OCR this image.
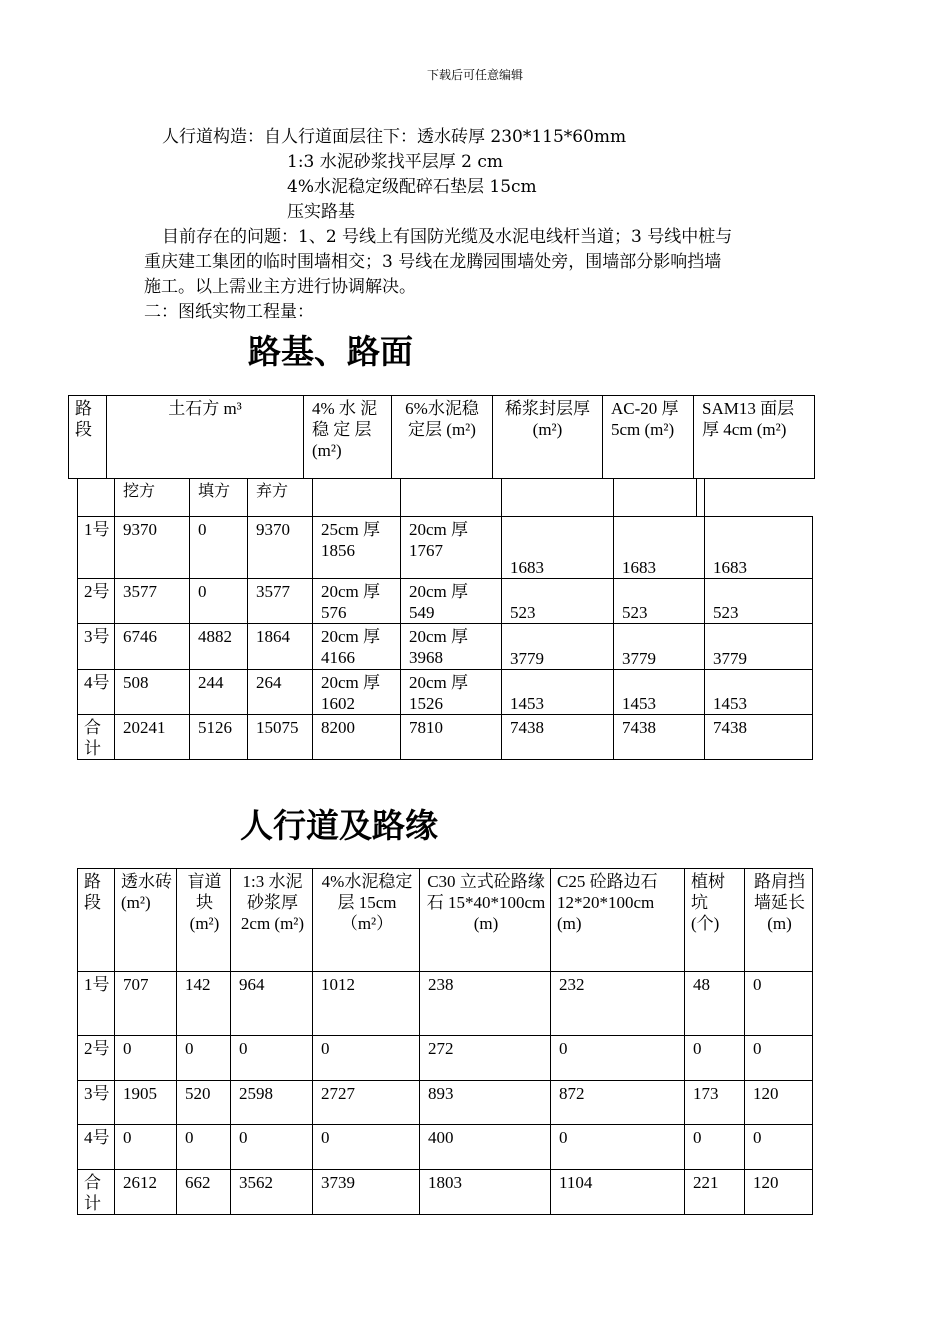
下载后可任意编辑
人行道构造：自人行道面层往下：透水砖厚 230*115*60mm
1:3 水泥砂浆找平层厚 2 cm
4%水泥稳定级配碎石垫层 15cm
压实路基
目前存在的问题：1、2 号线上有国防光缆及水泥电线杆当道；3 号线中桩与
重庆建工集团的临时围墙相交；3 号线在龙腾园围墙处旁，围墙部分影响挡墙
施工。以上需业主方进行协调解决。
二：图纸实物工程量：
路基、路面
路段	土石方 m³	4% 水 泥 稳 定 层 (m²)	6%水泥稳定层 (m²)	稀浆封层厚 (m²)	AC-20 厚 5cm (m²)	SAM13 面层厚 4cm (m²)
	挖方	填方	弃方					
1号	9370	0	9370	25cm 厚 1856	20cm 厚 1767	1683	1683	1683
2号	3577	0	3577	20cm 厚 576	20cm 厚 549	523	523	523
3号	6746	4882	1864	20cm 厚 4166	20cm 厚 3968	3779	3779	3779
4号	508	244	264	20cm 厚 1602	20cm 厚 1526	1453	1453	1453
合计	20241	5126	15075	8200	7810	7438	7438	7438
人行道及路缘
路段	透水砖 (m²)	盲道块 (m²)	1:3 水泥砂浆厚 2cm (m²)	4%水泥稳定层 15cm （m²）	C30 立式砼路缘石 15*40*100cm (m)	C25 砼路边石 12*20*100cm (m)	植树坑 (个)	路肩挡墙延长 (m)
1号	707	142	964	1012	238	232	48	0
2号	0	0	0	0	272	0	0	0
3号	1905	520	2598	2727	893	872	173	120
4号	0	0	0	0	400	0	0	0
合计	2612	662	3562	3739	1803	1104	221	120
